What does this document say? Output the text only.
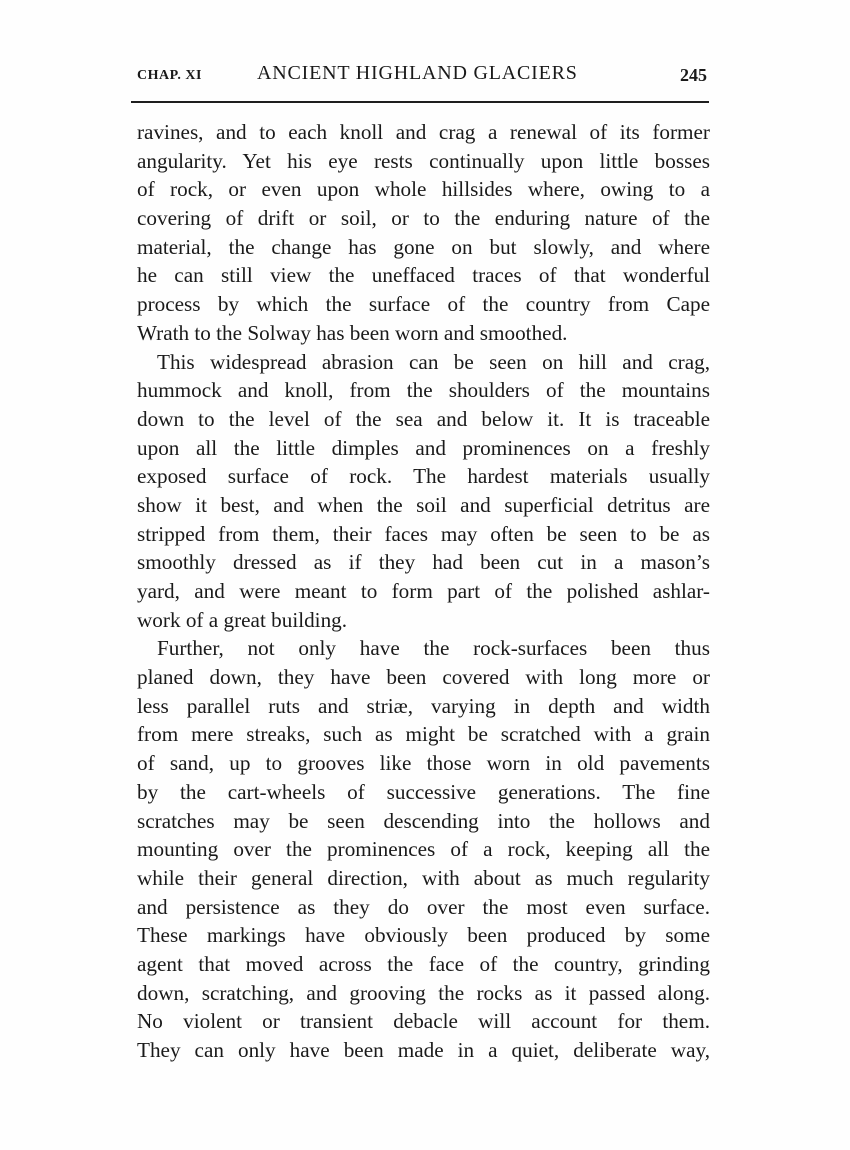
CHAP. XI	ANCIENT HIGHLAND GLACIERS	245
ravines, and to each knoll and crag a renewal of its former
angularity. Yet his eye rests continually upon little bosses
of rock, or even upon whole hillsides where, owing to a
covering of drift or soil, or to the enduring nature of the
material, the change has gone on but slowly, and where
he can still view the uneffaced traces of that wonderful
process by which the surface of the country from Cape
Wrath to the Solway has been worn and smoothed.
This widespread abrasion can be seen on hill and crag,
hummock and knoll, from the shoulders of the mountains
down to the level of the sea and below it. It is traceable
upon all the little dimples and prominences on a freshly
exposed surface of rock. The hardest materials usually
show it best, and when the soil and superficial detritus are
stripped from them, their faces may often be seen to be as
smoothly dressed as if they had been cut in a mason’s
yard, and were meant to form part of the polished ashlar-
work of a great building.
Further, not only have the rock-surfaces been thus
planed down, they have been covered with long more or
less parallel ruts and striæ, varying in depth and width
from mere streaks, such as might be scratched with a grain
of sand, up to grooves like those worn in old pavements
by the cart-wheels of successive generations. The fine
scratches may be seen descending into the hollows and
mounting over the prominences of a rock, keeping all the
while their general direction, with about as much regularity
and persistence as they do over the most even surface.
These markings have obviously been produced by some
agent that moved across the face of the country, grinding
down, scratching, and grooving the rocks as it passed along.
No violent or transient debacle will account for them.
They can only have been made in a quiet, deliberate way,
